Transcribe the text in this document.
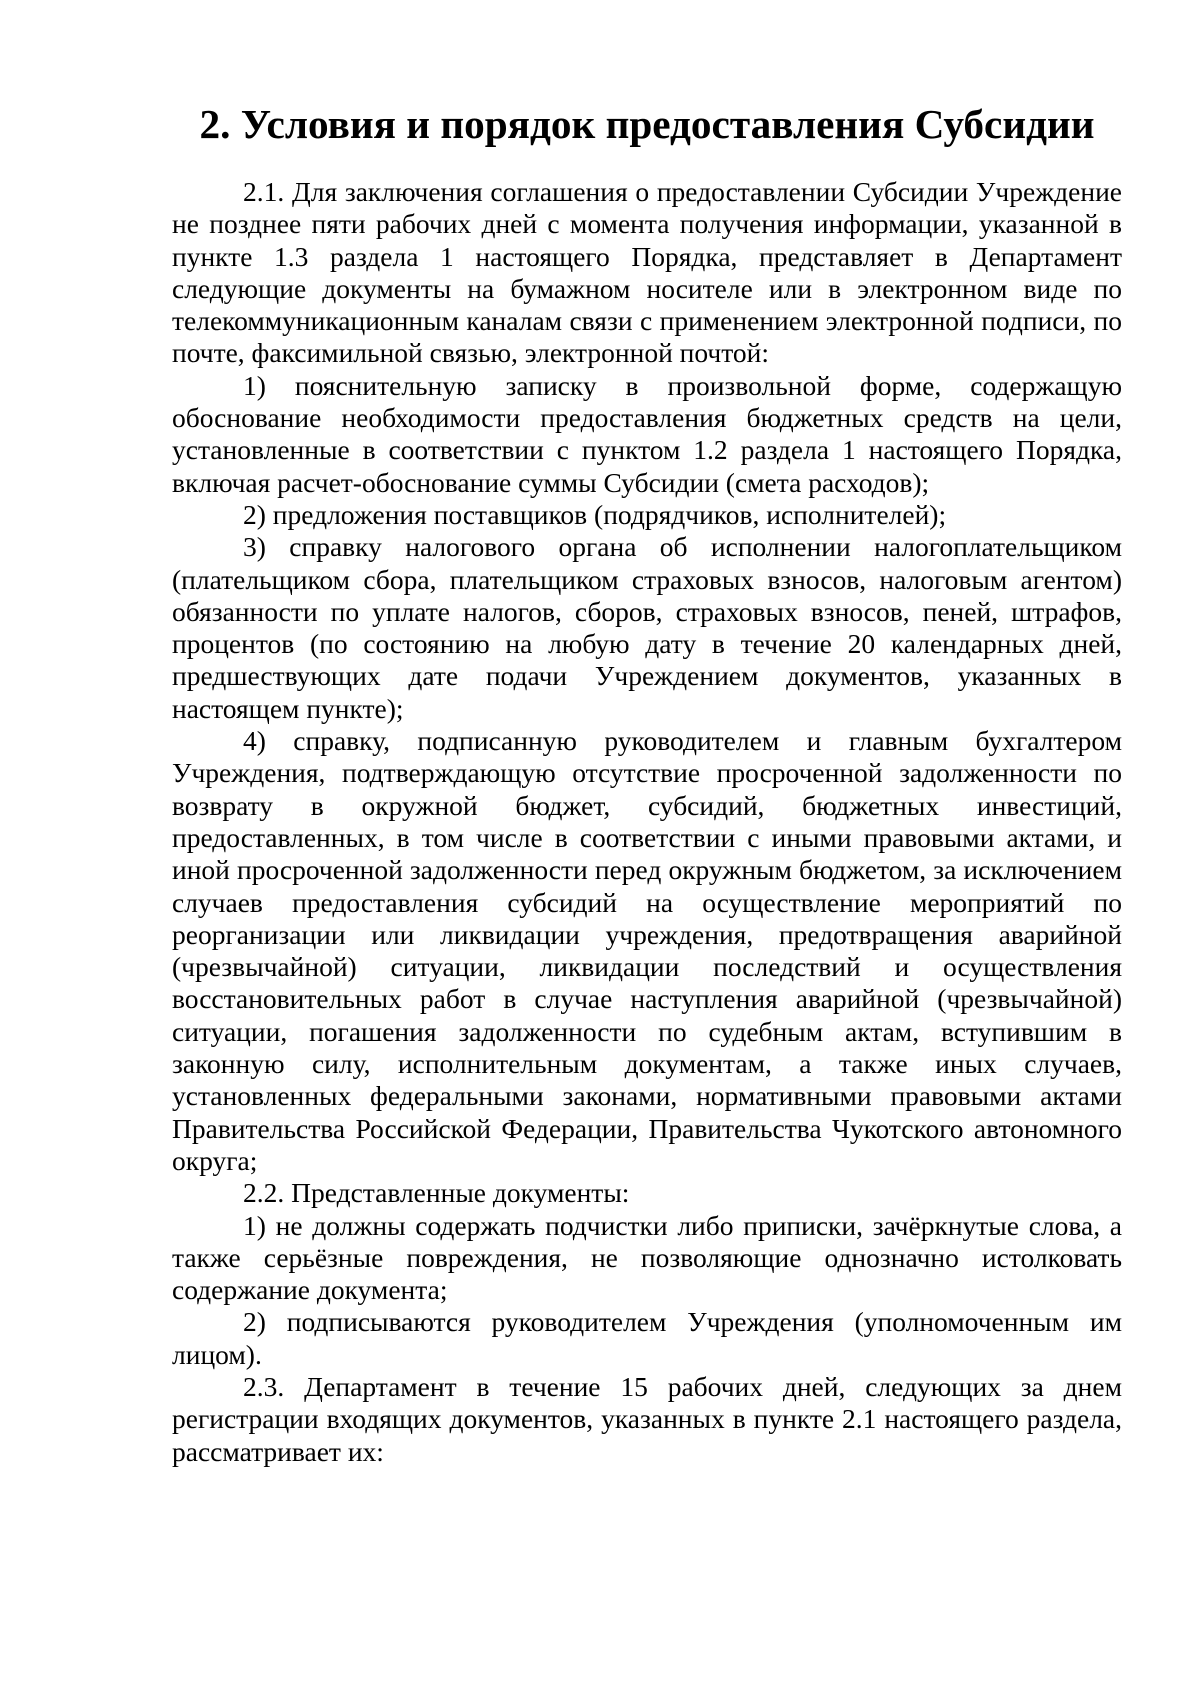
2. Условия и порядок предоставления Субсидии

2.1. Для заключения соглашения о предоставлении Субсидии Учреждение не позднее пяти рабочих дней с момента получения информации, указанной в пункте 1.3 раздела 1 настоящего Порядка, представляет в Департамент следующие документы на бумажном носителе или в электронном виде по телекоммуникационным каналам связи с применением электронной подписи, по почте, факсимильной связью, электронной почтой:

1) пояснительную записку в произвольной форме, содержащую обоснование необходимости предоставления бюджетных средств на цели, установленные в соответствии с пунктом 1.2 раздела 1 настоящего Порядка, включая расчет-обоснование суммы Субсидии (смета расходов);

2) предложения поставщиков (подрядчиков, исполнителей);

3) справку налогового органа об исполнении налогоплательщиком (плательщиком сбора, плательщиком страховых взносов, налоговым агентом) обязанности по уплате налогов, сборов, страховых взносов, пеней, штрафов, процентов (по состоянию на любую дату в течение 20 календарных дней, предшествующих дате подачи Учреждением документов, указанных в настоящем пункте);

4) справку, подписанную руководителем и главным бухгалтером Учреждения, подтверждающую отсутствие просроченной задолженности по возврату в окружной бюджет, субсидий, бюджетных инвестиций, предоставленных, в том числе в соответствии с иными правовыми актами, и иной просроченной задолженности перед окружным бюджетом, за исключением случаев предоставления субсидий на осуществление мероприятий по реорганизации или ликвидации учреждения, предотвращения аварийной (чрезвычайной) ситуации, ликвидации последствий и осуществления восстановительных работ в случае наступления аварийной (чрезвычайной) ситуации, погашения задолженности по судебным актам, вступившим в законную силу, исполнительным документам, а также иных случаев, установленных федеральными законами, нормативными правовыми актами Правительства Российской Федерации, Правительства Чукотского автономного округа;

2.2. Представленные документы:

1) не должны содержать подчистки либо приписки, зачёркнутые слова, а также серьёзные повреждения, не позволяющие однозначно истолковать содержание документа;

2) подписываются руководителем Учреждения (уполномоченным им лицом).

2.3. Департамент в течение 15 рабочих дней, следующих за днем регистрации входящих документов, указанных в пункте 2.1 настоящего раздела, рассматривает их:
